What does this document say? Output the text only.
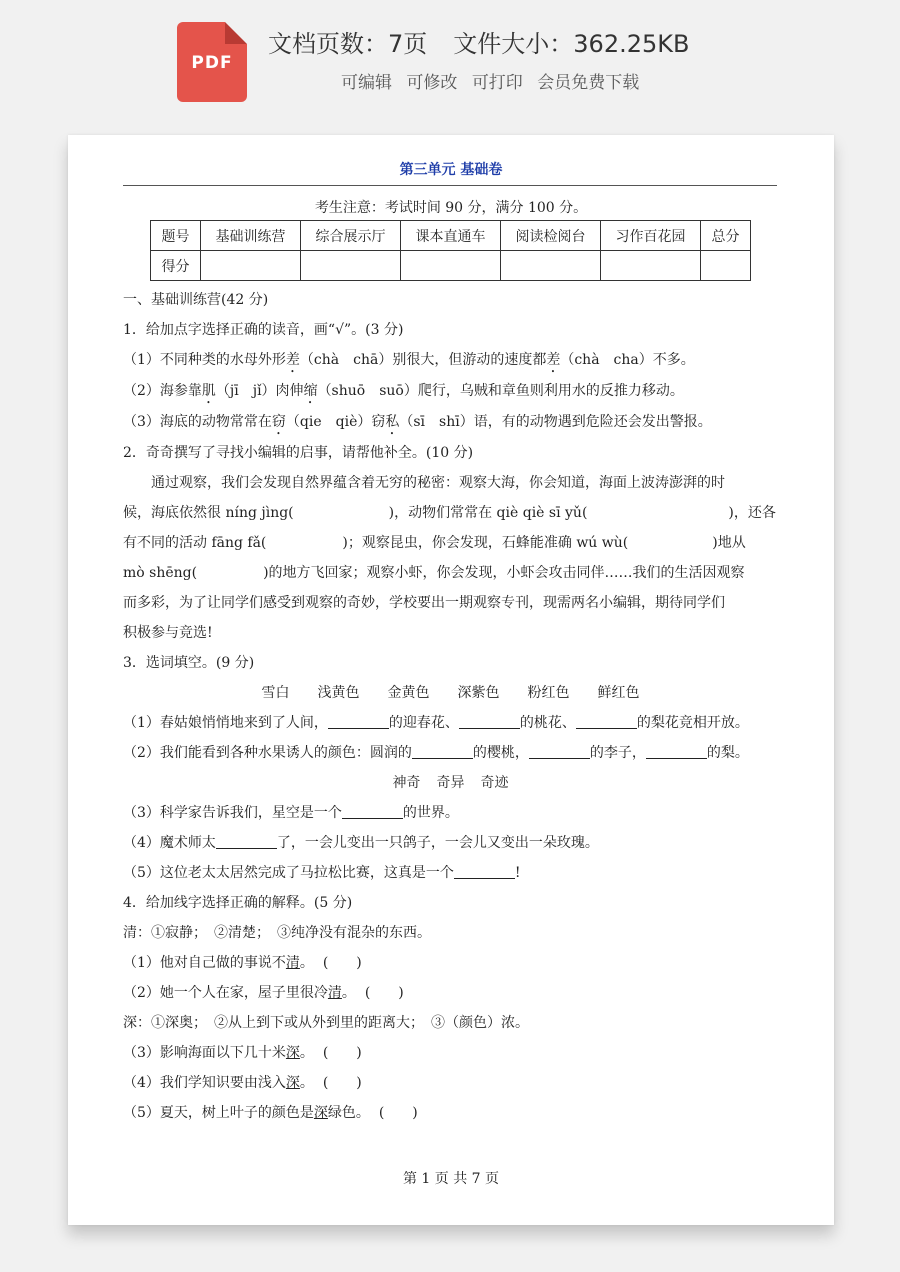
PDF
文档页数：7页 文件大小：362.25KB
可编辑 可修改 可打印 会员免费下载
第三单元 基础卷
考生注意：考试时间 90 分，满分 100 分。
题号	基础训练营	综合展示厅	课本直通车	阅读检阅台	习作百花园	总分
得分						

一、基础训练营(42 分)

1．给加点字选择正确的读音，画“√”。(3 分)

（1）不同种类的水母外形差（chà　chā）别很大，但游动的速度都差（chà　cha）不多。

（2）海参靠肌（jī　jǐ）肉伸缩（shuō　suō）爬行，乌贼和章鱼则利用水的反推力移动。

（3）海底的动物常常在窃（qie　qiè）窃私（sī　shī）语，有的动物遇到危险还会发出警报。

2．奇奇撰写了寻找小编辑的启事，请帮他补全。(10 分)

通过观察，我们会发现自然界蕴含着无穷的秘密：观察大海，你会知道，海面上波涛澎湃的时

候，海底依然很 níng jìng(	)，动物们常常在 qiè qiè sī yǔ(	)，还各

有不同的活动 fāng fǎ(	)；观察昆虫，你会发现，石蜂能准确 wú wù(	)地从

mò shēng(	)的地方飞回家；观察小虾，你会发现，小虾会攻击同伴……我们的生活因观察

而多彩，为了让同学们感受到观察的奇妙，学校要出一期观察专刊，现需两名小编辑，期待同学们

积极参与竞选!

3．选词填空。(9 分)

雪白 浅黄色 金黄色 深紫色 粉红色 鲜红色

（1）春姑娘悄悄地来到了人间，	的迎春花、	的桃花、	的梨花竞相开放。

（2）我们能看到各种水果诱人的颜色：圆润的	的樱桃，	的李子，	的梨。

神奇 奇异 奇迹

（3）科学家告诉我们，星空是一个	的世界。

（4）魔术师太	了，一会儿变出一只鸽子，一会儿又变出一朵玫瑰。

（5）这位老太太居然完成了马拉松比赛，这真是一个	!

4．给加线字选择正确的解释。(5 分)

清：①寂静；　②清楚；　③纯净没有混杂的东西。

（1）他对自己做的事说不清。 (　　)

（2）她一个人在家，屋子里很冷清。 (　　)

深：①深奥；　②从上到下或从外到里的距离大；　③（颜色）浓。

（3）影响海面以下几十米深。 (　　)

（4）我们学知识要由浅入深。 (　　)

（5）夏天，树上叶子的颜色是深绿色。 (　　)

第 1 页 共 7 页
